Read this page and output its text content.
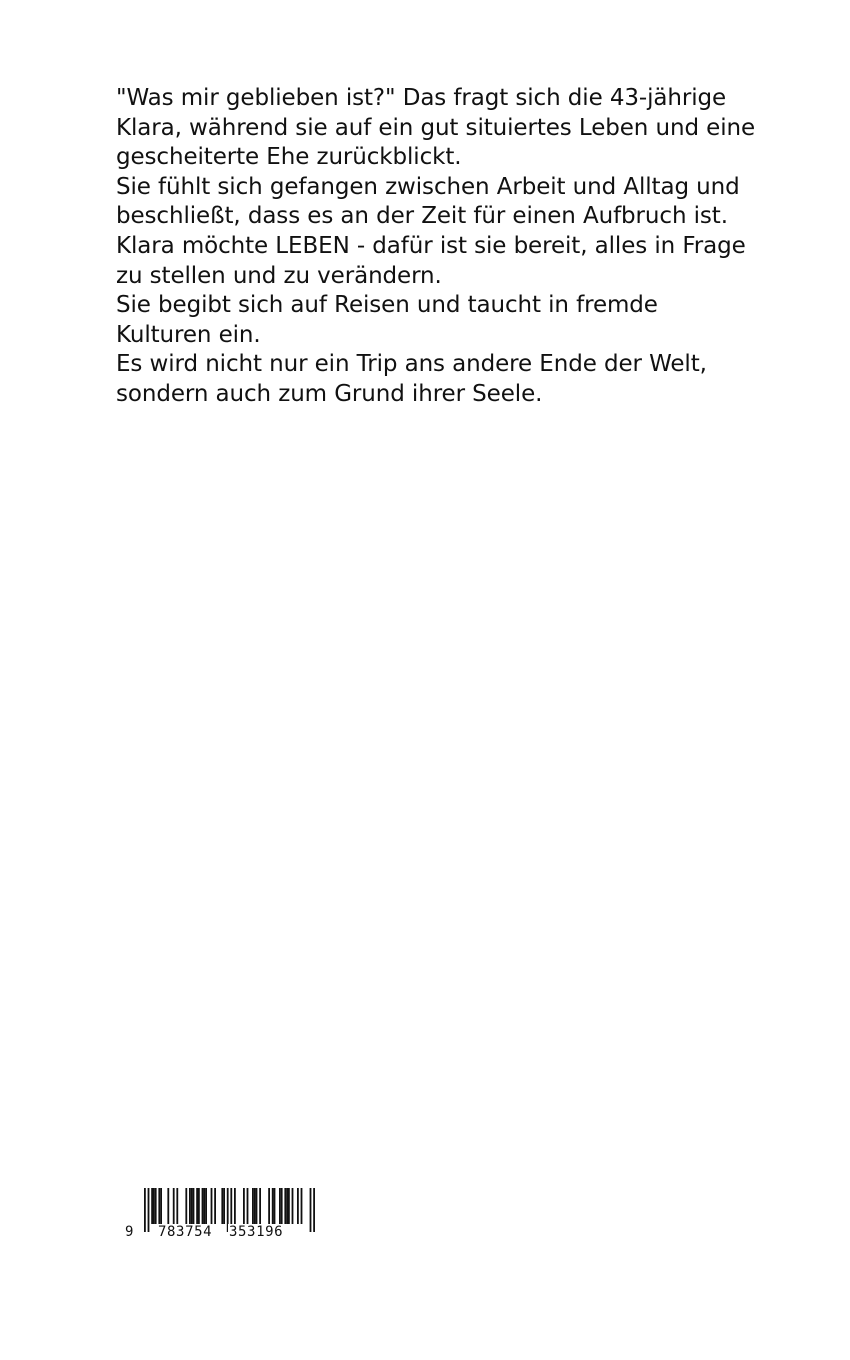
"Was mir geblieben ist?" Das fragt sich die 43-jährige
Klara, während sie auf ein gut situiertes Leben und eine
gescheiterte Ehe zurückblickt.
Sie fühlt sich gefangen zwischen Arbeit und Alltag und
beschließt, dass es an der Zeit für einen Aufbruch ist.
Klara möchte LEBEN - dafür ist sie bereit, alles in Frage
zu stellen und zu verändern.
Sie begibt sich auf Reisen und taucht in fremde
Kulturen ein.
Es wird nicht nur ein Trip ans andere Ende der Welt,
sondern auch zum Grund ihrer Seele.
9 783754 353196
